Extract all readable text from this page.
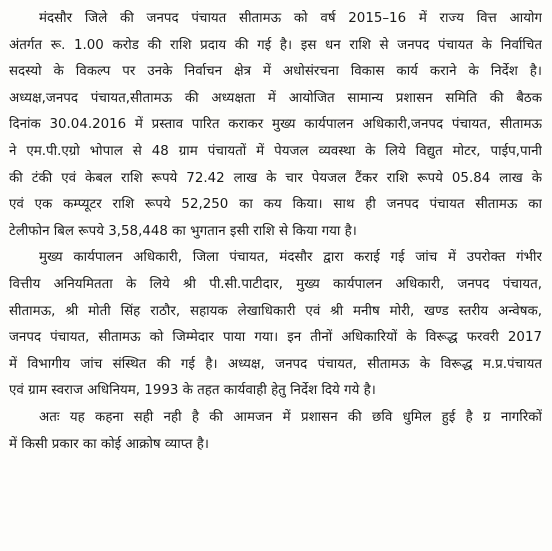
मंदसौर जिले की जनपद पंचायत सीतामऊ को वर्ष 2015–16 में राज्य वित्त आयोग
अंतर्गत रू. 1.00 करोड की राशि प्रदाय की गई है। इस धन राशि से जनपद पंचायत के निर्वाचित
सदस्यो के विकल्प पर उनके निर्वाचन क्षेत्र में अधोसंरचना विकास कार्य कराने के निर्देश है।
अध्यक्ष,जनपद पंचायत,सीतामऊ की अध्यक्षता में आयोजित सामान्य प्रशासन समिति की बैठक
दिनांक 30.04.2016 में प्रस्ताव पारित कराकर मुख्य कार्यपालन अधिकारी,जनपद पंचायत, सीतामऊ
ने एम.पी.एग्रो भोपाल से 48 ग्राम पंचायतों में पेयजल व्यवस्था के लिये विद्युत मोटर, पाईप,पानी
की टंकी एवं केबल राशि रूपये 72.42 लाख के चार पेयजल टैंकर राशि रूपये 05.84 लाख के
एवं एक कम्प्यूटर राशि रूपये 52,250 का कय किया। साथ ही जनपद पंचायत सीतामऊ का
टेलीफोन बिल रूपये 3,58,448 का भुगतान इसी राशि से किया गया है।
मुख्य कार्यपालन अधिकारी, जिला पंचायत, मंदसौर द्वारा कराई गई जांच में उपरोक्त गंभीर
वित्तीय अनियमितता के लिये श्री पी.सी.पाटीदार, मुख्य कार्यपालन अधिकारी, जनपद पंचायत,
सीतामऊ, श्री मोती सिंह राठौर, सहायक लेखाधिकारी एवं श्री मनीष मोरी, खण्ड स्तरीय अन्वेषक,
जनपद पंचायत, सीतामऊ को जिम्मेदार पाया गया। इन तीनों अधिकारियों के विरूद्ध फरवरी 2017
में विभागीय जांच संस्थित की गई है। अध्यक्ष, जनपद पंचायत, सीतामऊ के विरूद्ध म.प्र.पंचायत
एवं ग्राम स्वराज अधिनियम, 1993 के तहत कार्यवाही हेतु निर्देश दिये गये है।
अतः यह कहना सही नही है की आमजन में प्रशासन की छवि धुमिल हुई है ग्र नागरिकों
में किसी प्रकार का कोई आक्रोष व्याप्त है।
